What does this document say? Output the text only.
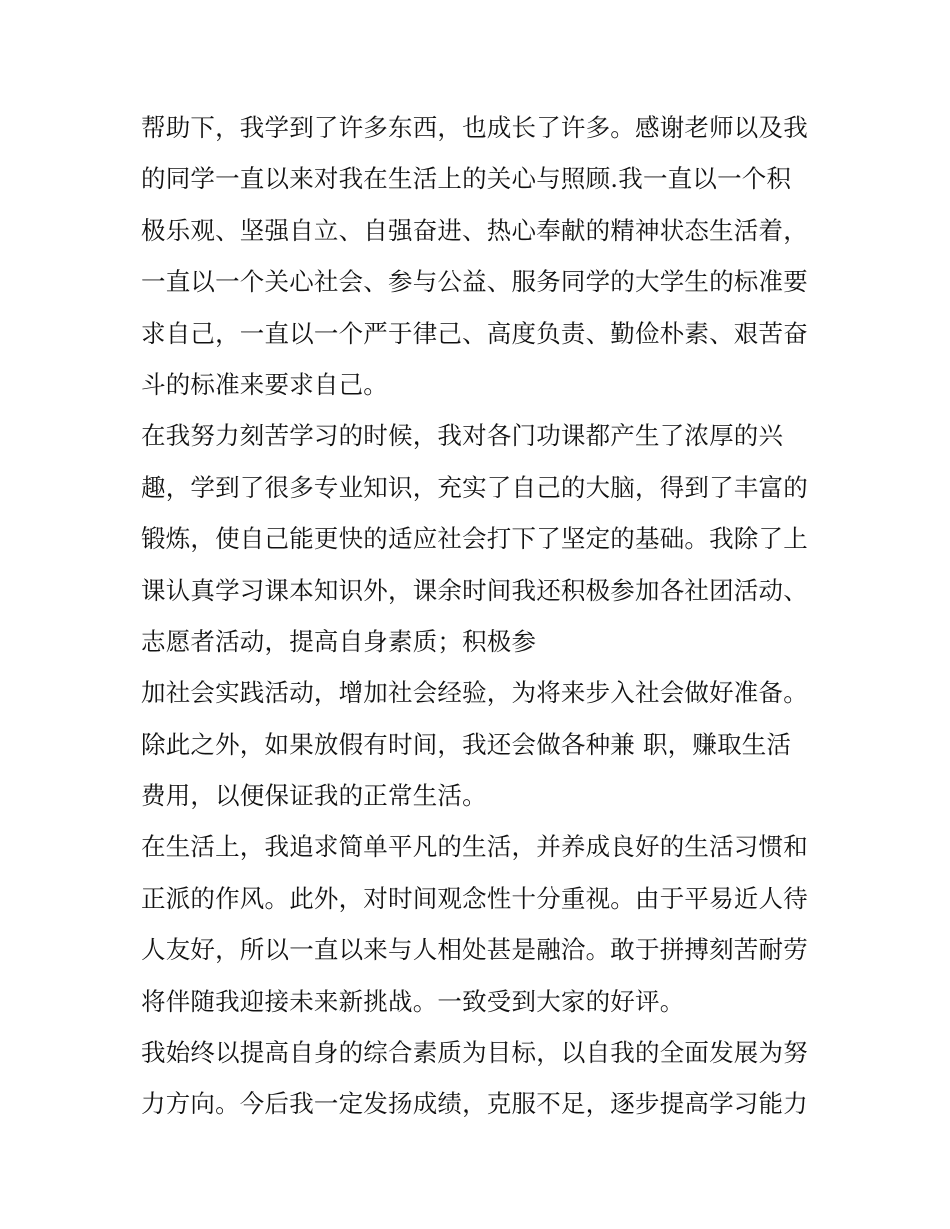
帮助下，我学到了许多东西，也成长了许多。感谢老师以及我
的同学一直以来对我在生活上的关心与照顾.我一直以一个积
极乐观、坚强自立、自强奋进、热心奉献的精神状态生活着，
一直以一个关心社会、参与公益、服务同学的大学生的标准要
求自己，一直以一个严于律己、高度负责、勤俭朴素、艰苦奋
斗的标准来要求自己。
在我努力刻苦学习的时候，我对各门功课都产生了浓厚的兴
趣，学到了很多专业知识，充实了自己的大脑，得到了丰富的
锻炼，使自己能更快的适应社会打下了坚定的基础。我除了上
课认真学习课本知识外，课余时间我还积极参加各社团活动、
志愿者活动，提高自身素质；积极参
加社会实践活动，增加社会经验，为将来步入社会做好准备。
除此之外，如果放假有时间，我还会做各种兼 职，赚取生活
费用，以便保证我的正常生活。
在生活上，我追求简单平凡的生活，并养成良好的生活习惯和
正派的作风。此外，对时间观念性十分重视。由于平易近人待
人友好，所以一直以来与人相处甚是融洽。敢于拼搏刻苦耐劳
将伴随我迎接未来新挑战。一致受到大家的好评。
我始终以提高自身的综合素质为目标，以自我的全面发展为努
力方向。今后我一定发扬成绩，克服不足，逐步提高学习能力
